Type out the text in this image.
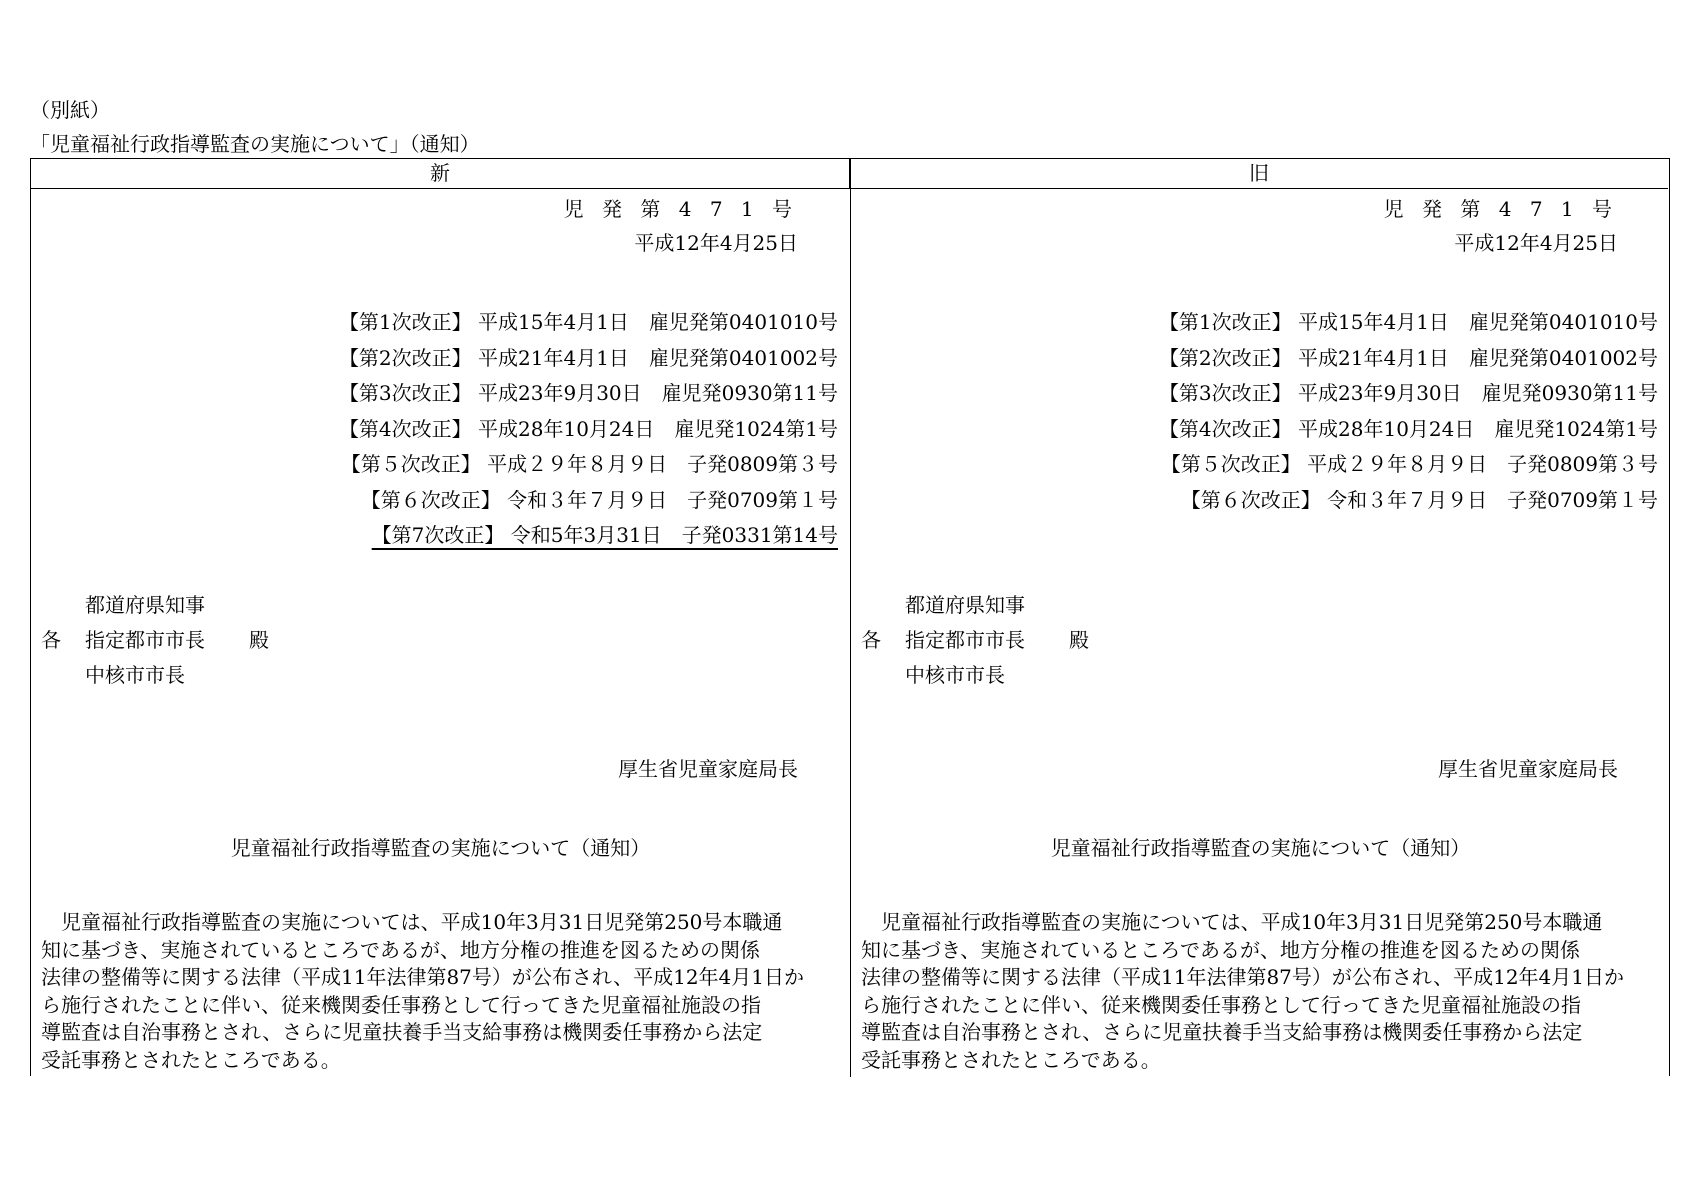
（別紙）
「児童福祉行政指導監査の実施について」（通知）
新	旧
児 発 第 4 7 1 号
平成12年4月25日
【第1次改正】 平成15年4月1日　雇児発第0401010号
【第2次改正】 平成21年4月1日　雇児発第0401002号
【第3次改正】 平成23年9月30日　雇児発0930第11号
【第4次改正】 平成28年10月24日　雇児発1024第1号
【第５次改正】 平成２９年８月９日　子発0809第３号
【第６次改正】 令和３年７月９日　子発0709第１号
【第7次改正】 令和5年3月31日　子発0331第14号
各
都道府県知事
指定都市市長
中核市市長
殿
厚生省児童家庭局長
児童福祉行政指導監査の実施について（通知）
　児童福祉行政指導監査の実施については、平成10年3月31日児発第250号本職通
知に基づき、実施されているところであるが、地方分権の推進を図るための関係
法律の整備等に関する法律（平成11年法律第87号）が公布され、平成12年4月1日か
ら施行されたことに伴い、従来機関委任事務として行ってきた児童福祉施設の指
導監査は自治事務とされ、さらに児童扶養手当支給事務は機関委任事務から法定
受託事務とされたところである。
児 発 第 4 7 1 号
平成12年4月25日
【第1次改正】 平成15年4月1日　雇児発第0401010号
【第2次改正】 平成21年4月1日　雇児発第0401002号
【第3次改正】 平成23年9月30日　雇児発0930第11号
【第4次改正】 平成28年10月24日　雇児発1024第1号
【第５次改正】 平成２９年８月９日　子発0809第３号
【第６次改正】 令和３年７月９日　子発0709第１号
各
都道府県知事
指定都市市長
中核市市長
殿
厚生省児童家庭局長
児童福祉行政指導監査の実施について（通知）
　児童福祉行政指導監査の実施については、平成10年3月31日児発第250号本職通
知に基づき、実施されているところであるが、地方分権の推進を図るための関係
法律の整備等に関する法律（平成11年法律第87号）が公布され、平成12年4月1日か
ら施行されたことに伴い、従来機関委任事務として行ってきた児童福祉施設の指
導監査は自治事務とされ、さらに児童扶養手当支給事務は機関委任事務から法定
受託事務とされたところである。
